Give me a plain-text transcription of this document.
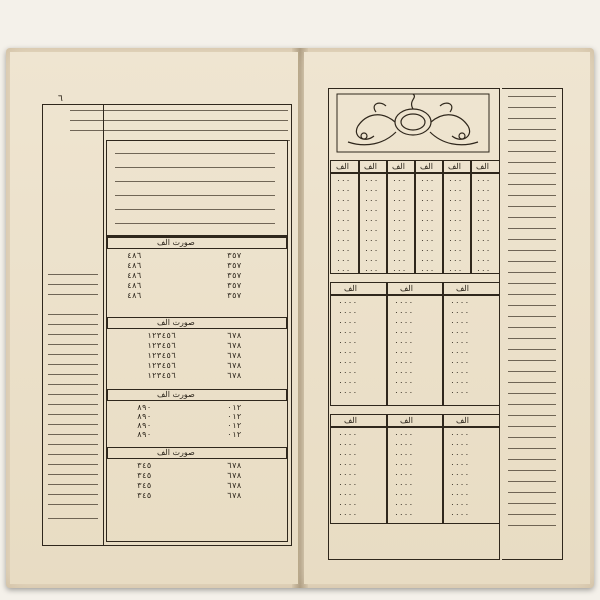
٦
صورت الف
صورت الف
صورت الف
صورت الف
٤٨٦
٤٨٦
٤٨٦
٤٨٦
٤٨٦
٣٥٧
٣٥٧
٣٥٧
٣٥٧
٣٥٧
١٢٣٤٥٦
١٢٣٤٥٦
١٢٣٤٥٦
١٢٣٤٥٦
١٢٣٤٥٦
٦٧٨
٦٧٨
٦٧٨
٦٧٨
٦٧٨
٨٩٠
٨٩٠
٨٩٠
٨٩٠
٠١٢
٠١٢
٠١٢
٠١٢
٣٤٥
٣٤٥
٣٤٥
٣٤٥
٦٧٨
٦٧٨
٦٧٨
٦٧٨
الف
٠٠٠
٠٠٠
٠٠٠
٠٠٠
٠٠٠
٠٠٠
٠٠٠
٠٠٠
٠٠٠
٠٠٠
الف
٠٠٠
٠٠٠
٠٠٠
٠٠٠
٠٠٠
٠٠٠
٠٠٠
٠٠٠
٠٠٠
٠٠٠
الف
٠٠٠
٠٠٠
٠٠٠
٠٠٠
٠٠٠
٠٠٠
٠٠٠
٠٠٠
٠٠٠
٠٠٠
الف
٠٠٠
٠٠٠
٠٠٠
٠٠٠
٠٠٠
٠٠٠
٠٠٠
٠٠٠
٠٠٠
٠٠٠
الف
٠٠٠
٠٠٠
٠٠٠
٠٠٠
٠٠٠
٠٠٠
٠٠٠
٠٠٠
٠٠٠
٠٠٠
الف
٠٠٠
٠٠٠
٠٠٠
٠٠٠
٠٠٠
٠٠٠
٠٠٠
٠٠٠
٠٠٠
٠٠٠
الف
٠٠٠٠
٠٠٠٠
٠٠٠٠
٠٠٠٠
٠٠٠٠
٠٠٠٠
٠٠٠٠
٠٠٠٠
٠٠٠٠
٠٠٠٠
الف
٠٠٠٠
٠٠٠٠
٠٠٠٠
٠٠٠٠
٠٠٠٠
٠٠٠٠
٠٠٠٠
٠٠٠٠
٠٠٠٠
٠٠٠٠
الف
٠٠٠٠
٠٠٠٠
٠٠٠٠
٠٠٠٠
٠٠٠٠
٠٠٠٠
٠٠٠٠
٠٠٠٠
٠٠٠٠
٠٠٠٠
الف
٠٠٠٠
٠٠٠٠
٠٠٠٠
٠٠٠٠
٠٠٠٠
٠٠٠٠
٠٠٠٠
٠٠٠٠
٠٠٠٠
الف
٠٠٠٠
٠٠٠٠
٠٠٠٠
٠٠٠٠
٠٠٠٠
٠٠٠٠
٠٠٠٠
٠٠٠٠
٠٠٠٠
الف
٠٠٠٠
٠٠٠٠
٠٠٠٠
٠٠٠٠
٠٠٠٠
٠٠٠٠
٠٠٠٠
٠٠٠٠
٠٠٠٠
